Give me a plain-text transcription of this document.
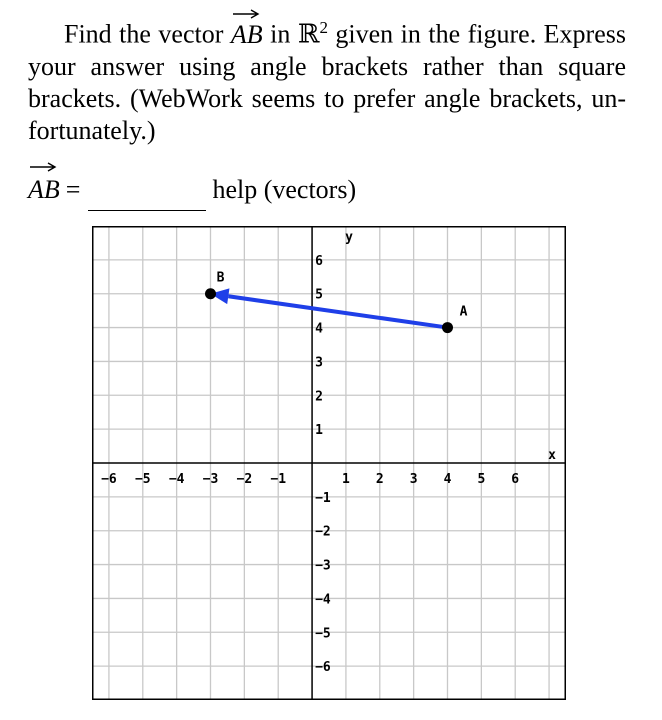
Find the vector AB in ℝ$^2$ given in the figure. Express your answer using angle brackets rather than square brackets. (WebWork seems to prefer angle brackets, un-fortunately.)
AB =	help (vectors)
x
y
−6 −5 −4 −3 −2 −1	1 2 3 4 5 6
−6
−5
−4
−3
−2
−1
1
2
3
4
5
6
A
B
